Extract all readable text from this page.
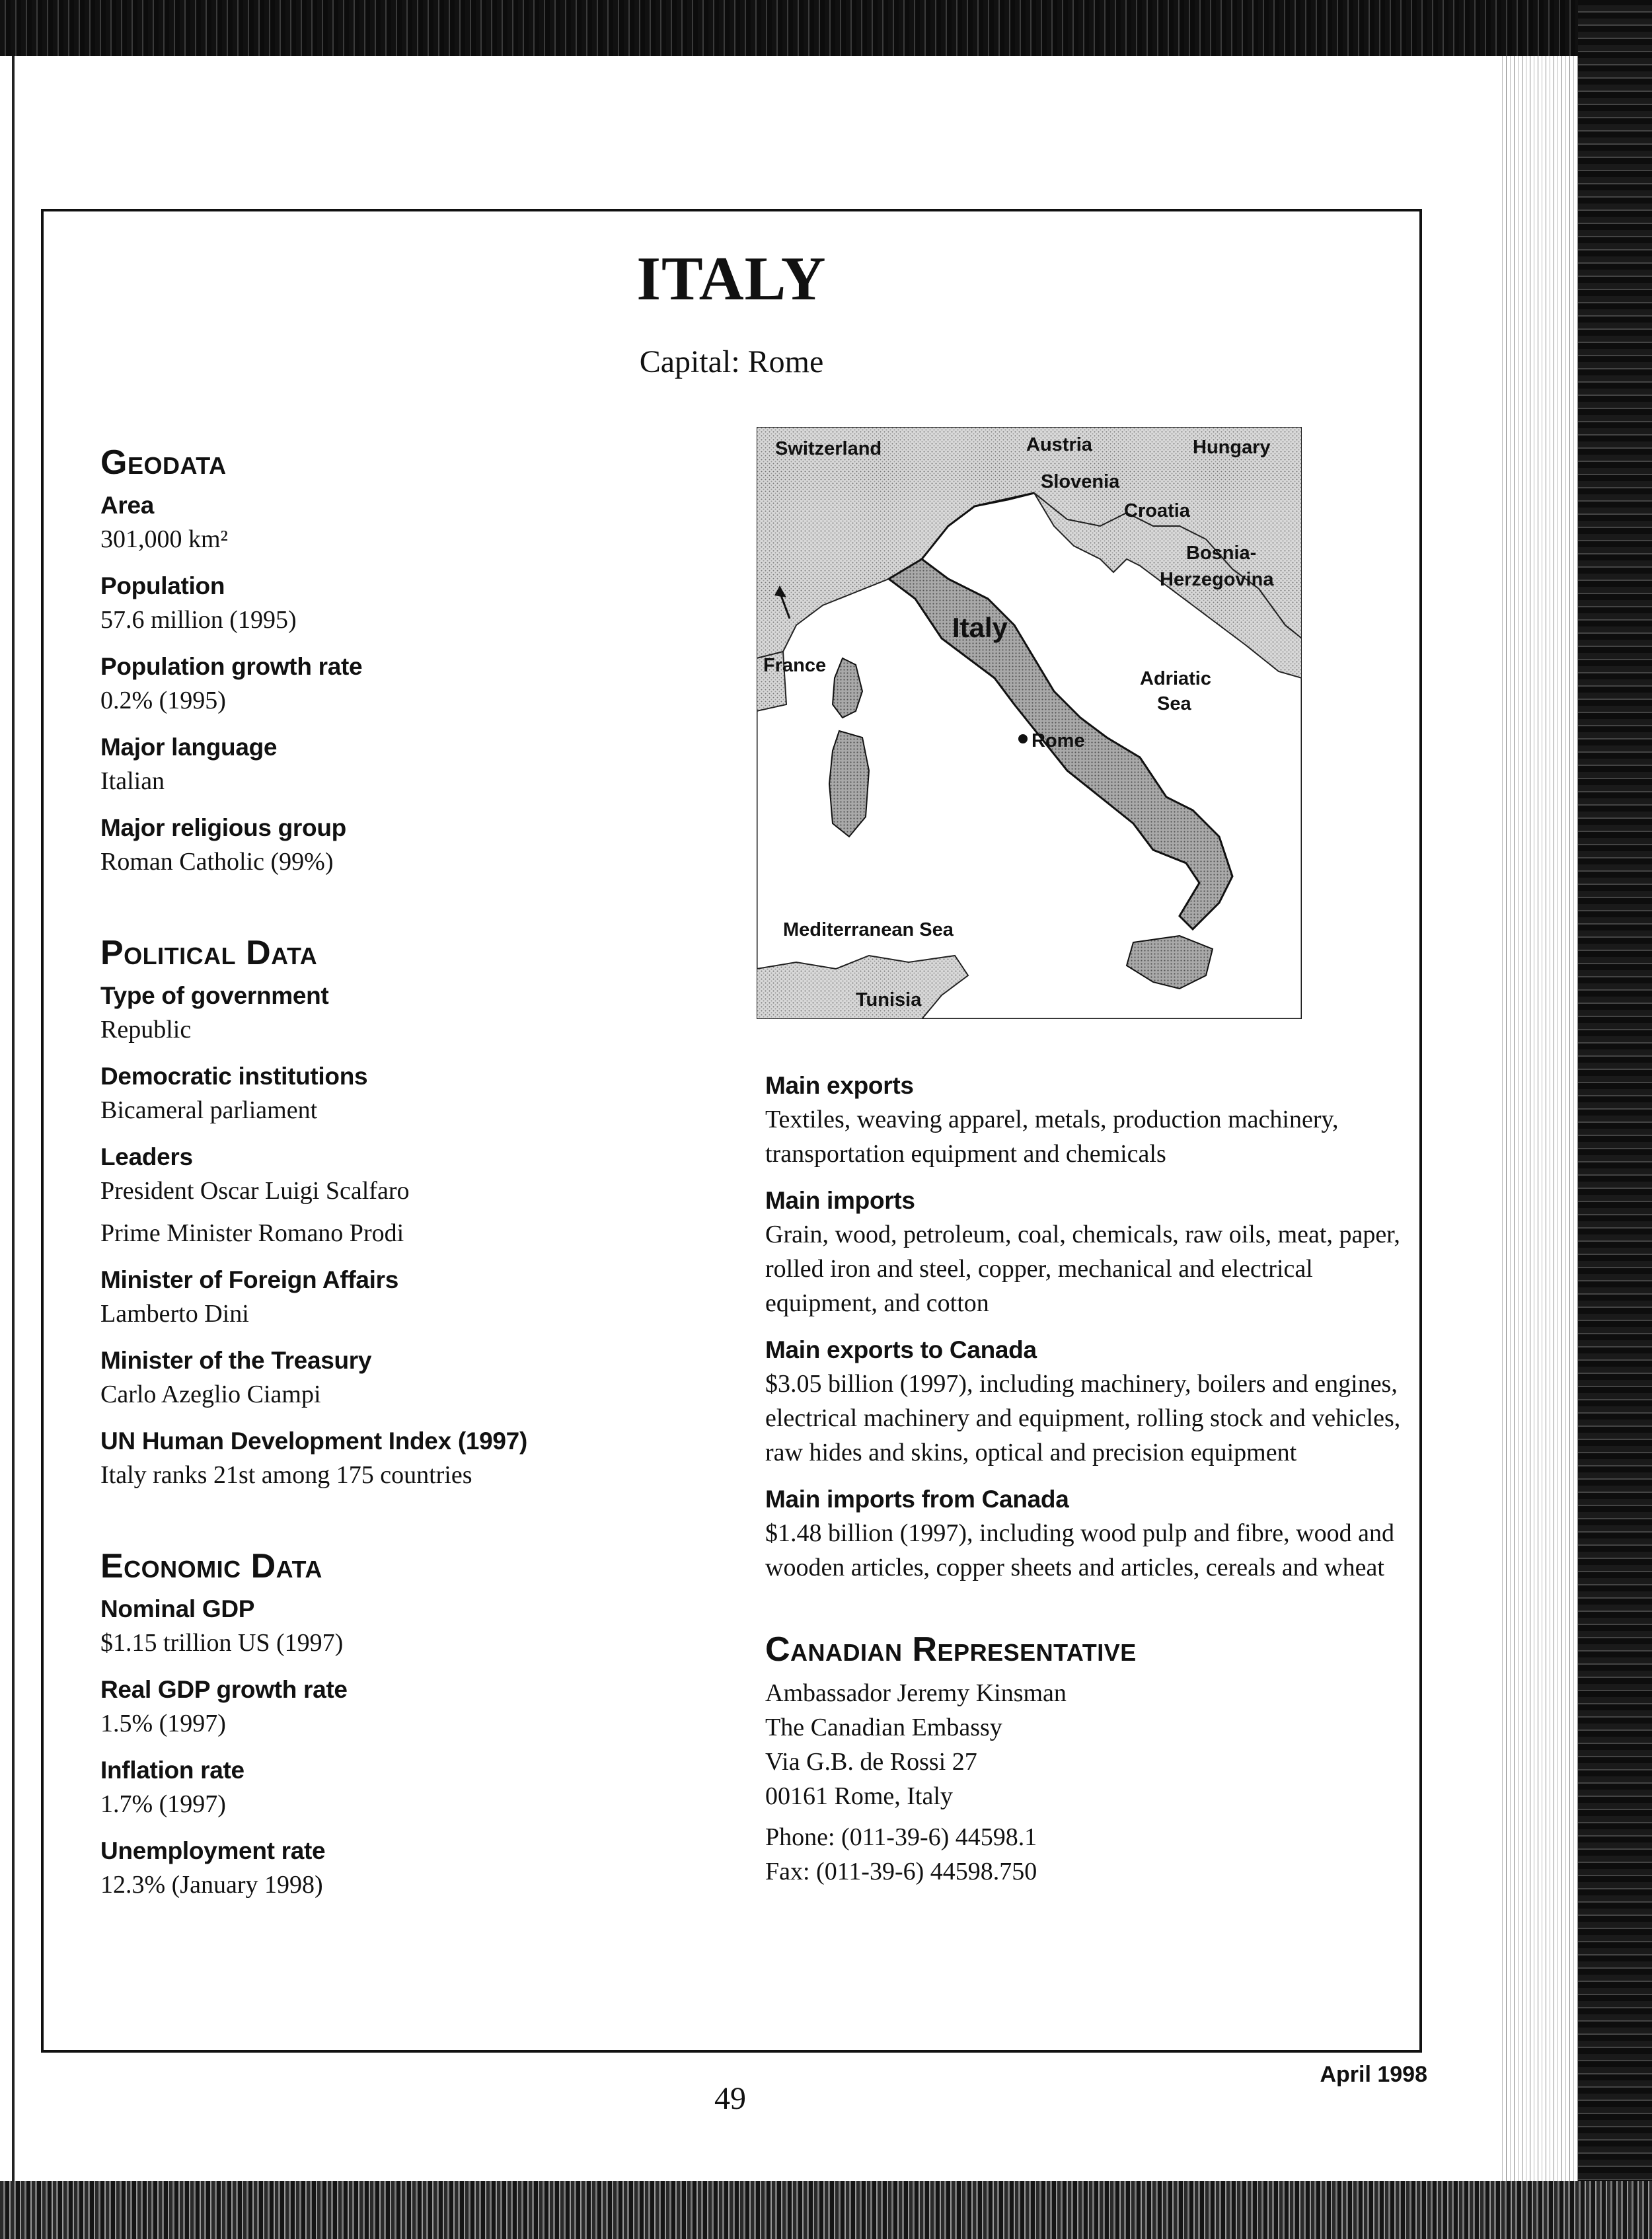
ITALY
Capital: Rome
Geodata

Area

301,000 km²

Population

57.6 million (1995)

Population growth rate

0.2% (1995)

Major language

Italian

Major religious group

Roman Catholic (99%)

Political Data

Type of government

Republic

Democratic institutions

Bicameral parliament

Leaders

President Oscar Luigi Scalfaro

Prime Minister Romano Prodi

Minister of Foreign Affairs

Lamberto Dini

Minister of the Treasury

Carlo Azeglio Ciampi

UN Human Development Index (1997)

Italy ranks 21st among 175 countries

Economic Data

Nominal GDP

$1.15 trillion US (1997)

Real GDP growth rate

1.5% (1997)

Inflation rate

1.7% (1997)

Unemployment rate

12.3% (January 1998)

Switzerland	Austria	Hungary
Slovenia
Croatia
Bosnia-
Herzegovina
Italy
France
Adriatic
Sea
Rome
Mediterranean Sea
Tunisia

Main exports

Textiles, weaving apparel, metals, production machinery, transportation equipment and chemicals

Main imports

Grain, wood, petroleum, coal, chemicals, raw oils, meat, paper, rolled iron and steel, copper, mechanical and electrical equipment, and cotton

Main exports to Canada

$3.05 billion (1997), including machinery, boilers and engines, electrical machinery and equipment, rolling stock and vehicles, raw hides and skins, optical and precision equipment

Main imports from Canada

$1.48 billion (1997), including wood pulp and fibre, wood and wooden articles, copper sheets and articles, cereals and wheat

Canadian Representative

Ambassador Jeremy Kinsman

The Canadian Embassy

Via G.B. de Rossi 27

00161 Rome, Italy

Phone: (011-39-6) 44598.1

Fax: (011-39-6) 44598.750

49
April 1998
